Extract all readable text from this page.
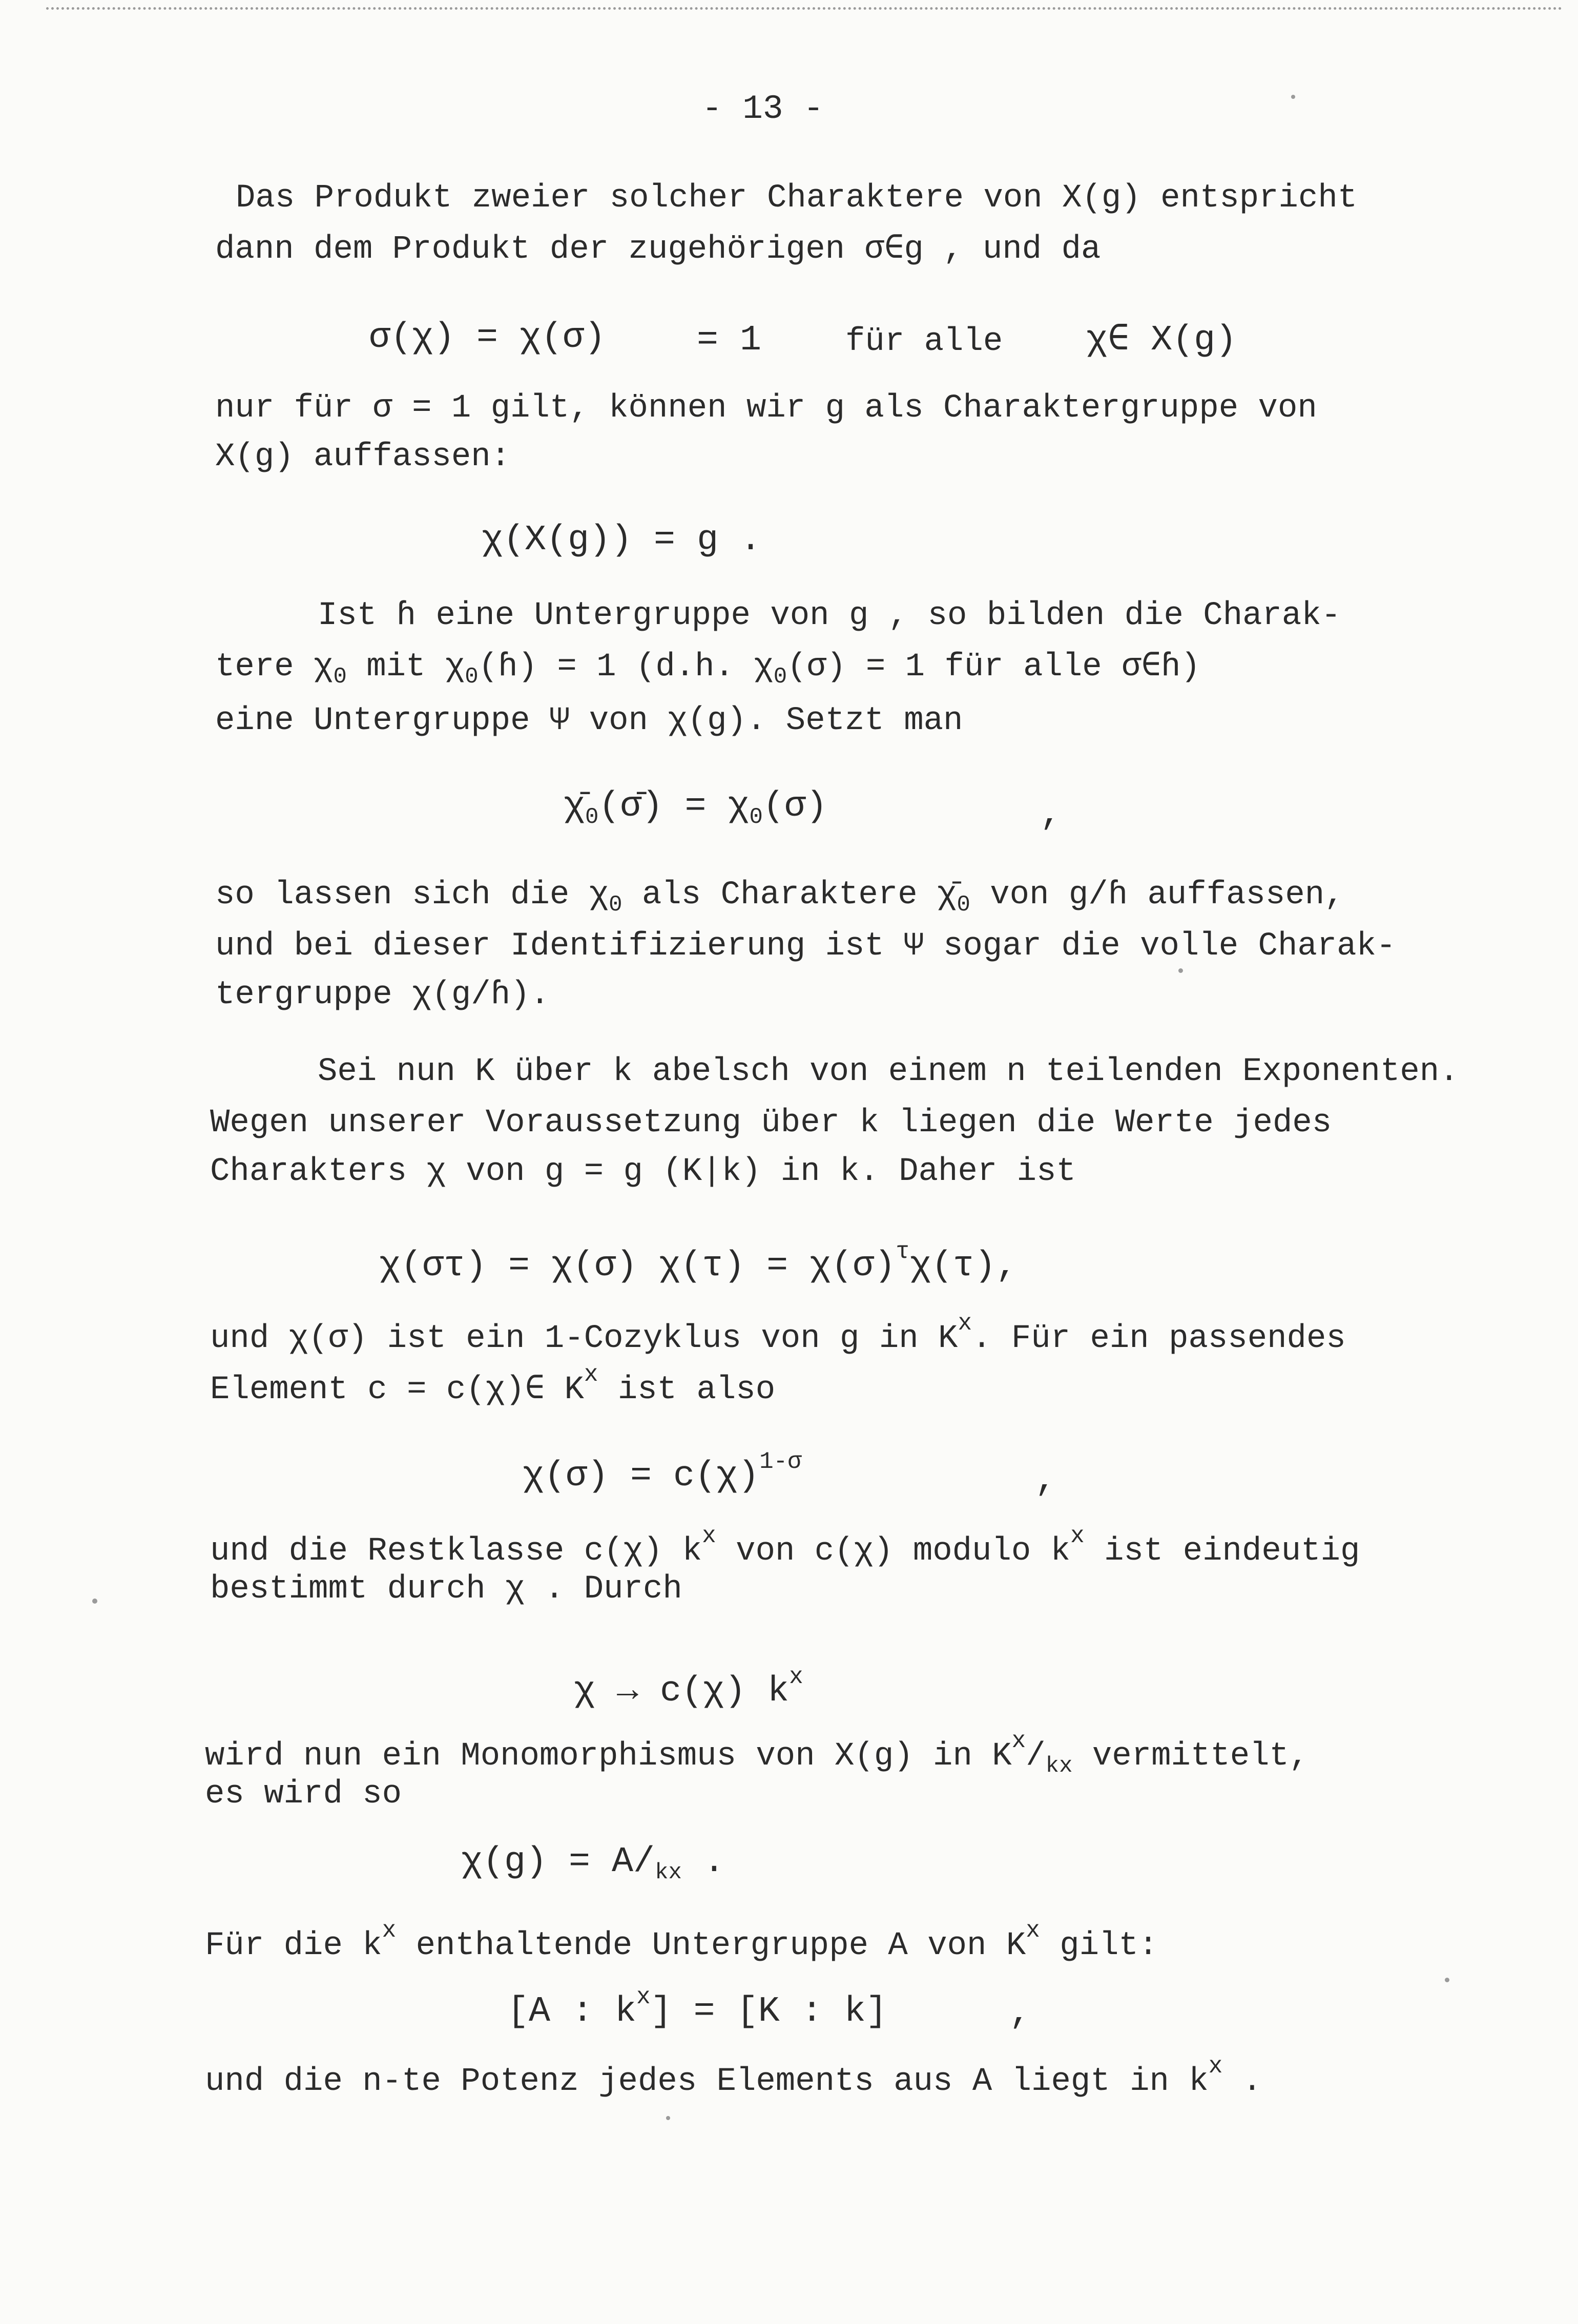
- 13 -
Das Produkt zweier solcher Charaktere von X(ɡ) entspricht
dann dem Produkt der zugehörigen σ∈ɡ , und da
σ(χ) = χ(σ)	= 1	für alle χ∈ X(ɡ)
nur für σ = 1 gilt, können wir ɡ als Charaktergruppe von
X(ɡ) auffassen:
χ(X(ɡ)) = ɡ .
Ist ɦ eine Untergruppe von ɡ , so bilden die Charak-
tere $\chi_0$ mit $\chi_0(ɦ) = 1$ (d.h. $\chi_0(\sigma) = 1$ für alle σ∈ɦ)
eine Untergruppe Ψ von χ(ɡ). Setzt man
$\chī_0(\sigmā) = \chi_0(\sigma)$	,
so lassen sich die $\chi_0$ als Charaktere $\chī_0$ von ɡ/ɦ auffassen,
und bei dieser Identifizierung ist Ψ sogar die volle Charak-
tergruppe χ(ɡ/ɦ).
Sei nun K über k abelsch von einem n teilenden Exponenten.
Wegen unserer Voraussetzung über k liegen die Werte jedes
Charakters χ von ɡ = ɡ (K|k) in k. Daher ist
χ(στ) = χ(σ) $\chi(\tau) = \chi(\sigma)^\tau\chi(\tau)$,
und χ(σ) ist ein 1-Cozyklus von ɡ in $K^x$. Für ein passendes
Element c = c(χ)∈ $K^x$ ist also
$\chi(\sigma) = c(\chi)^{1-\sigma}$	,
und die Restklasse c(χ) $k^x$ von c(χ) modulo $k^x$ ist eindeutig
bestimmt durch χ . Durch
χ → c(χ) $k^x$
wird nun ein Monomorphismus von X(ɡ) in $K^x/_{kx}$ vermittelt,
es wird so
χ(ɡ) = $A/_{kx}$ .
Für die $k^x$ enthaltende Untergruppe A von $K^x$ gilt:
[A : $k^x] = [K$ : k]	,
und die n-te Potenz jedes Elements aus A liegt in $k^x$ .
